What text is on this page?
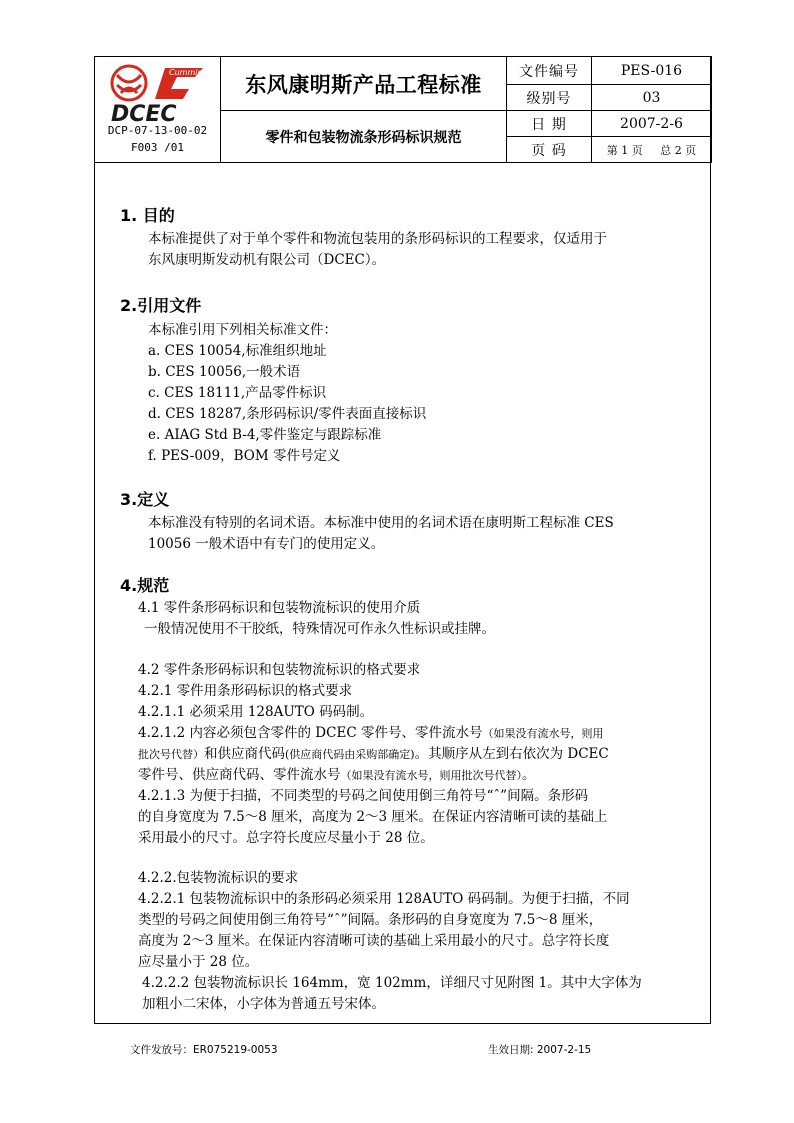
Cummins
DCEC	东风康明斯产品工程标准	文件编号	PES-016
		级别号	03

DCP-07-13-00-02
F003 /01	零件和包装物流条形码标识规范	日 期	2007-2-6
		页 码	第 1 页 总 2 页
1. 目的
本标准提供了对于单个零件和物流包装用的条形码标识的工程要求，仅适用于
东风康明斯发动机有限公司（DCEC）。
2.引用文件
本标准引用下列相关标准文件：
a. CES 10054,标准组织地址
b. CES 10056,一般术语
c. CES 18111,产品零件标识
d. CES 18287,条形码标识/零件表面直接标识
e. AIAG Std B-4,零件鉴定与跟踪标准
f. PES-009，BOM 零件号定义
3.定义
本标准没有特别的名词术语。本标准中使用的名词术语在康明斯工程标准 CES
10056 一般术语中有专门的使用定义。
4.规范
4.1 零件条形码标识和包装物流标识的使用介质
一般情况使用不干胶纸，特殊情况可作永久性标识或挂牌。
4.2 零件条形码标识和包装物流标识的格式要求
4.2.1 零件用条形码标识的格式要求
4.2.1.1 必须采用 128AUTO 码码制。
4.2.1.2 内容必须包含零件的 DCEC 零件号、零件流水号（如果没有流水号，则用
批次号代替）和供应商代码(供应商代码由采购部确定)。其顺序从左到右依次为 DCEC
零件号、供应商代码、零件流水号（如果没有流水号，则用批次号代替）。
4.2.1.3 为便于扫描，不同类型的号码之间使用倒三角符号“ˆ”间隔。条形码
的自身宽度为 7.5～8 厘米，高度为 2～3 厘米。在保证内容清晰可读的基础上
采用最小的尺寸。总字符长度应尽量小于 28 位。
4.2.2.包装物流标识的要求
4.2.2.1 包装物流标识中的条形码必须采用 128AUTO 码码制。为便于扫描，不同
类型的号码之间使用倒三角符号“ˆ”间隔。条形码的自身宽度为 7.5～8 厘米，
高度为 2～3 厘米。在保证内容清晰可读的基础上采用最小的尺寸。总字符长度
应尽量小于 28 位。
4.2.2.2 包装物流标识长 164mm，宽 102mm，详细尺寸见附图 1。其中大字体为
加粗小二宋体，小字体为普通五号宋体。
文件发放号：ER075219-0053	生效日期: 2007-2-15
